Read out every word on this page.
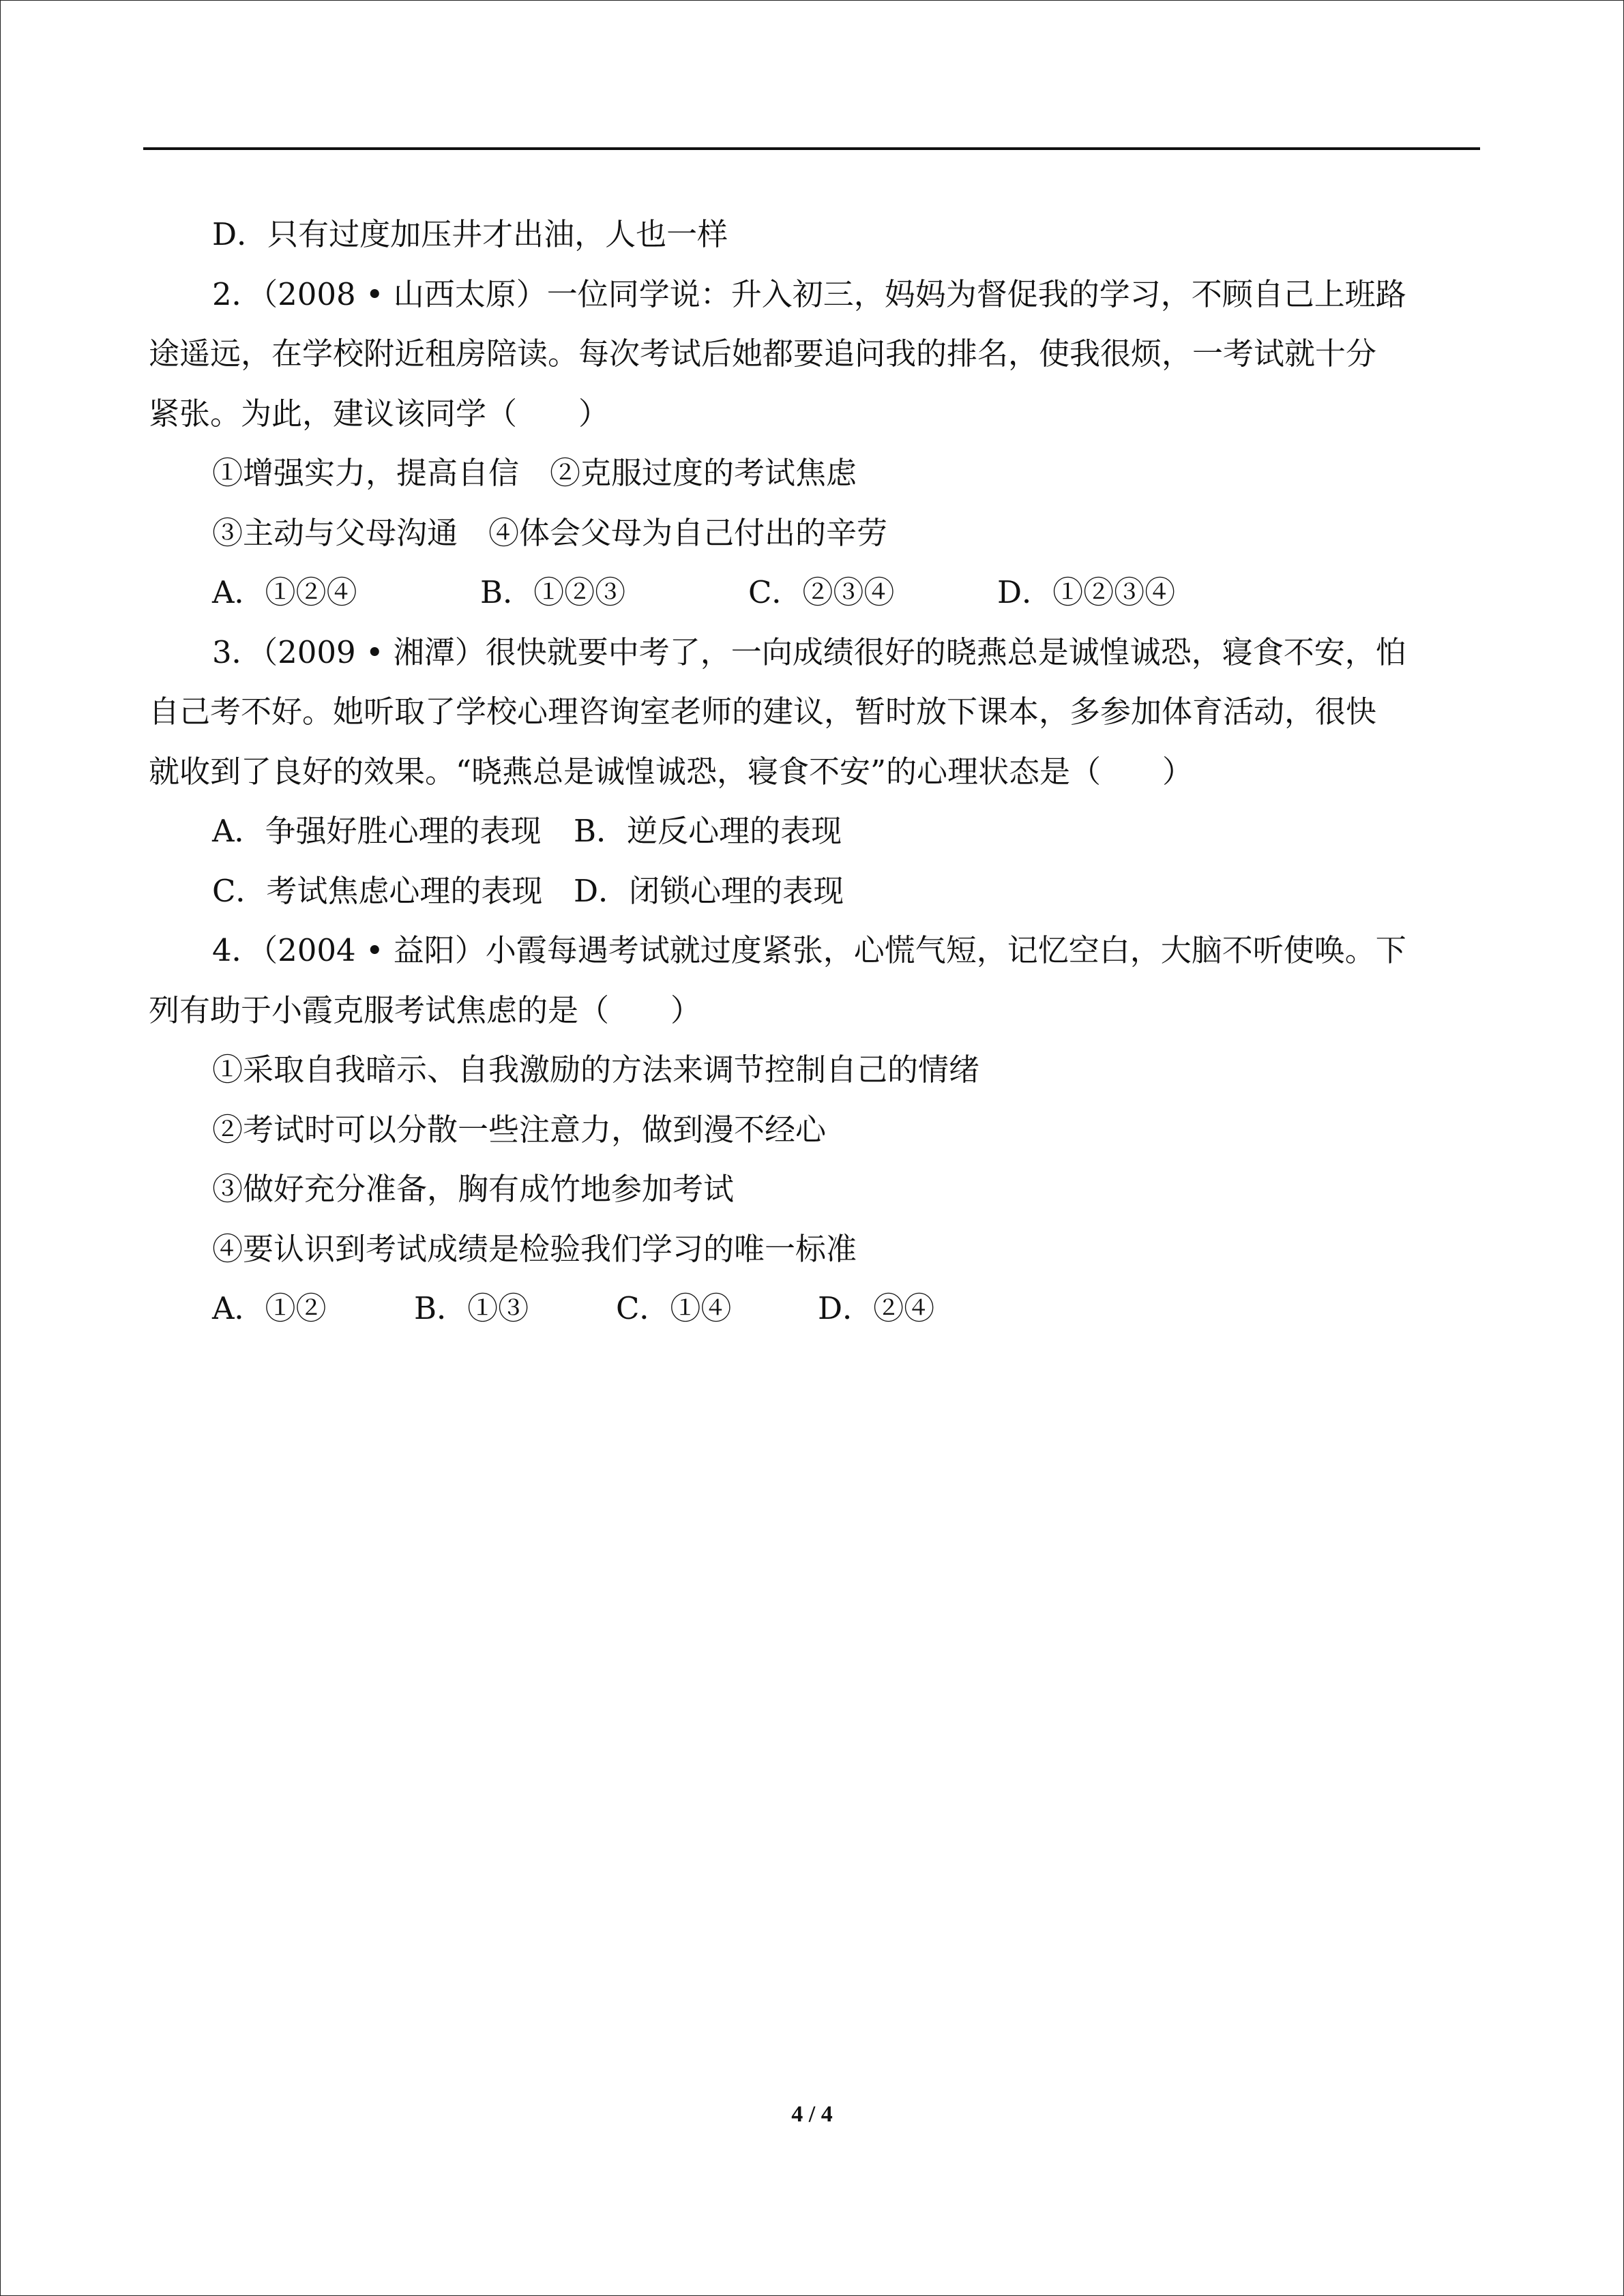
D．只有过度加压井才出油，人也一样
2．（2008 • 山西太原）一位同学说：升入初三，妈妈为督促我的学习，不顾自己上班路
途遥远，在学校附近租房陪读。每次考试后她都要追问我的排名，使我很烦，一考试就十分
紧张。为此，建议该同学（　　）
①增强实力，提高自信 ②克服过度的考试焦虑
③主动与父母沟通 ④体会父母为自己付出的辛劳
A．①②④	B．①②③	C．②③④	D．①②③④
3．（2009 • 湘潭）很快就要中考了，一向成绩很好的晓燕总是诚惶诚恐，寝食不安，怕
自己考不好。她听取了学校心理咨询室老师的建议，暂时放下课本，多参加体育活动，很快
就收到了良好的效果。“晓燕总是诚惶诚恐，寝食不安”的心理状态是（　　）
A．争强好胜心理的表现	B．逆反心理的表现
C．考试焦虑心理的表现	D．闭锁心理的表现
4．（2004 • 益阳）小霞每遇考试就过度紧张，心慌气短，记忆空白，大脑不听使唤。下
列有助于小霞克服考试焦虑的是（　　）
①采取自我暗示、自我激励的方法来调节控制自己的情绪
②考试时可以分散一些注意力，做到漫不经心
③做好充分准备，胸有成竹地参加考试
④要认识到考试成绩是检验我们学习的唯一标准
A．①②	B．①③	C．①④	D．②④
4 / 4
